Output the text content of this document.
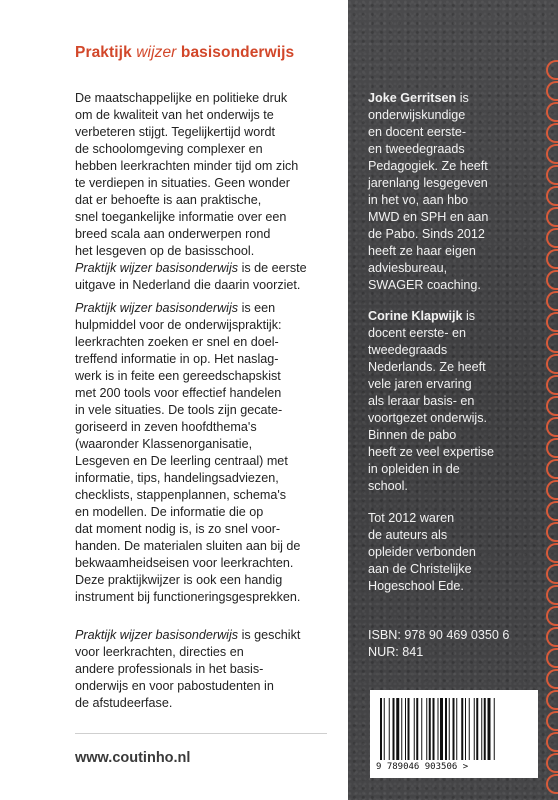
Praktijk wijzer basisonderwijs

De maatschappelijke en politieke druk
om de kwaliteit van het onderwijs te
verbeteren stijgt. Tegelijkertijd wordt
de schoolomgeving complexer en
hebben leerkrachten minder tijd om zich
te verdiepen in situaties. Geen wonder
dat er behoefte is aan praktische,
snel toegankelijke informatie over een
breed scala aan onderwerpen rond
het lesgeven op de basisschool.
Praktijk wijzer basisonderwijs is de eerste
uitgave in Nederland die daarin voorziet.

Praktijk wijzer basisonderwijs is een
hulpmiddel voor de onderwijspraktijk:
leerkrachten zoeken er snel en doel-
treffend informatie in op. Het naslag-
werk is in feite een gereedschapskist
met 200 tools voor effectief handelen
in vele situaties. De tools zijn gecate-
goriseerd in zeven hoofdthema's
(waaronder Klassenorganisatie,
Lesgeven en De leerling centraal) met
informatie, tips, handelingsadviezen,
checklists, stappenplannen, schema's
en modellen. De informatie die op
dat moment nodig is, is zo snel voor-
handen. De materialen sluiten aan bij de
bekwaamheidseisen voor leerkrachten.
Deze praktijkwijzer is ook een handig
instrument bij functioneringsgesprekken.

Praktijk wijzer basisonderwijs is geschikt
voor leerkrachten, directies en
andere professionals in het basis-
onderwijs en voor pabostudenten in
de afstudeerfase.

www.coutinho.nl

Joke Gerritsen is
onderwijskundige
en docent eerste-
en tweedegraads
Pedagogiek. Ze heeft
jarenlang lesgegeven
in het vo, aan hbo
MWD en SPH en aan
de Pabo. Sinds 2012
heeft ze haar eigen
adviesbureau,
SWAGER coaching.

Corine Klapwijk is
docent eerste- en
tweedegraads
Nederlands. Ze heeft
vele jaren ervaring
als leraar basis- en
voortgezet onderwijs.
Binnen de pabo
heeft ze veel expertise
in opleiden in de
school.

Tot 2012 waren
de auteurs als
opleider verbonden
aan de Christelijke
Hogeschool Ede.

ISBN: 978 90 469 0350 6
NUR: 841

9 789046 903506 >
